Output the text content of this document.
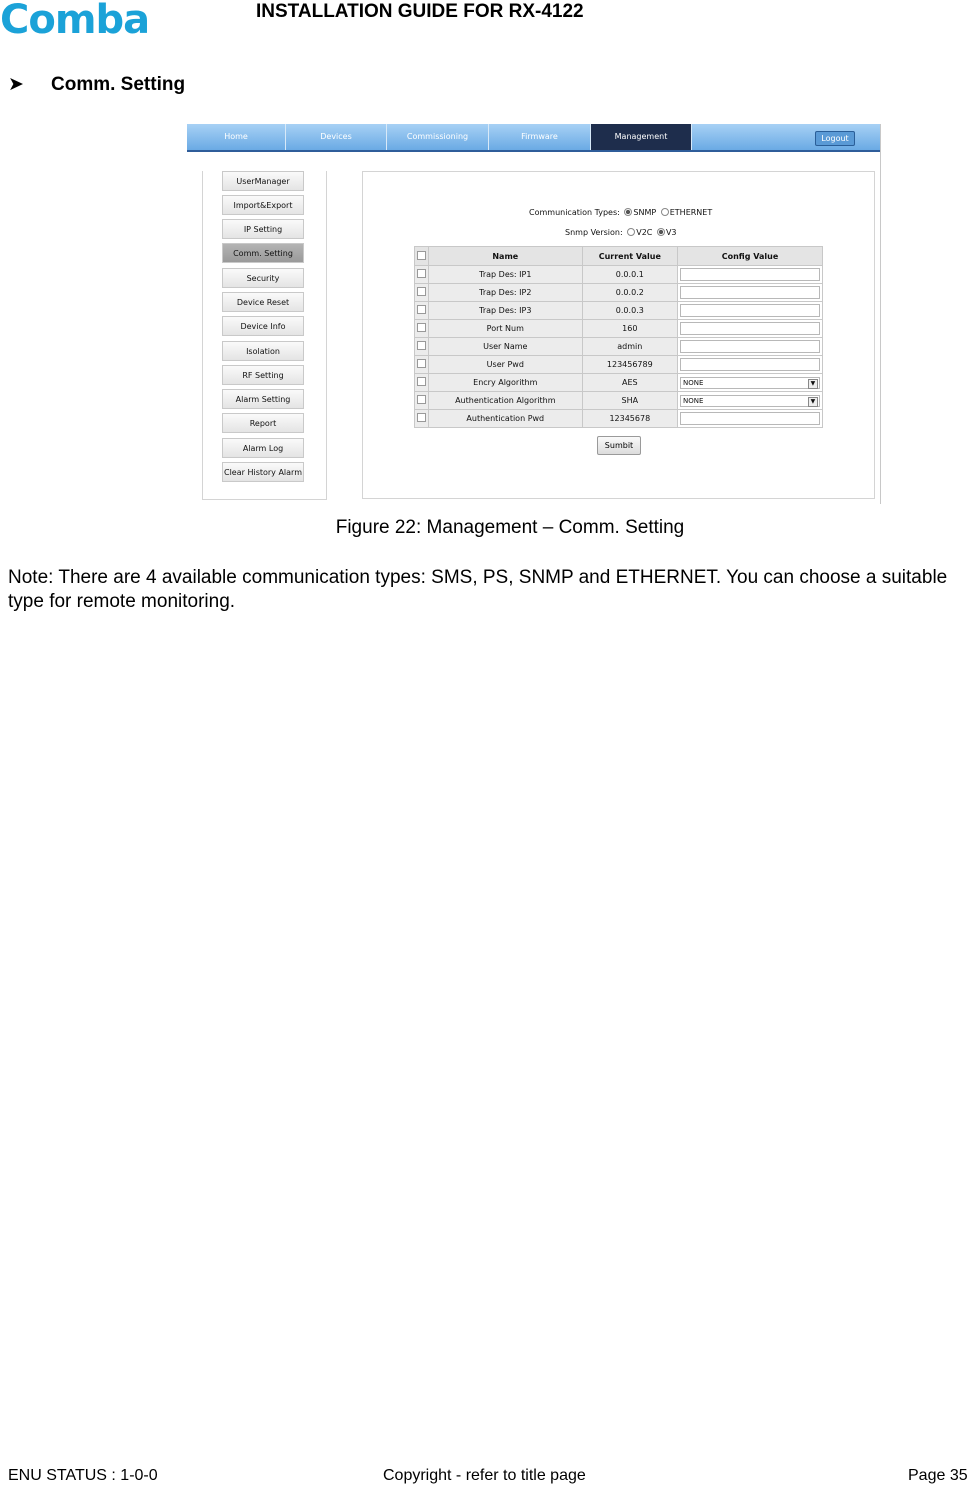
Comba	INSTALLATION GUIDE FOR RX-4122
➤ Comm. Setting
Home	Devices	Commissioning	Firmware	Management	Logout
UserManager
Import&Export
IP Setting
Comm. Setting
Security
Device Reset
Device Info
Isolation
RF Setting
Alarm Setting
Report
Alarm Log
Clear History Alarm
Communication Types: SNMP ETHERNET
Snmp Version: V2C V3
	Name	Current Value	Config Value
	Trap Des: IP1	0.0.0.1	

	Trap Des: IP2	0.0.0.2	

	Trap Des: IP3	0.0.0.3	

	Port Num	160	

	User Name	admin	

	User Pwd	123456789	

	Encry Algorithm	AES	NONE ▼

	Authentication Algorithm	SHA	NONE ▼

	Authentication Pwd	12345678	
Sumbit
Figure 22: Management – Comm. Setting
Note: There are 4 available communication types: SMS, PS, SNMP and ETHERNET. You can choose a suitable type for remote monitoring.
ENU STATUS : 1-0-0	Copyright - refer to title page	Page 35
